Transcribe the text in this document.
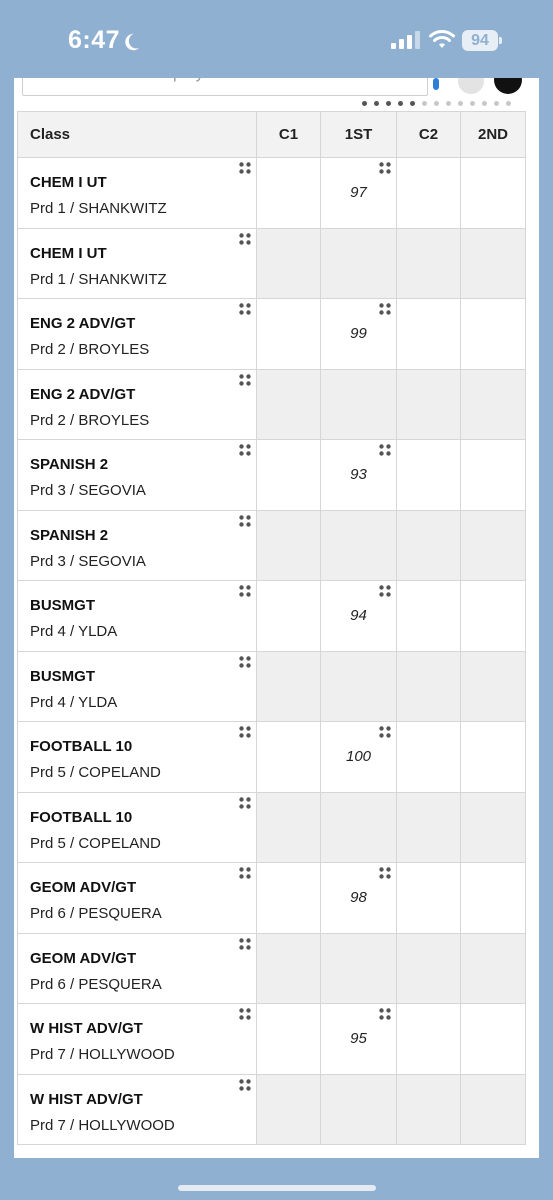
6:47	94
Class	C1	1ST	C2	2ND

CHEM I UT
Prd 1 / SHANKWITZ		97		

CHEM I UT
Prd 1 / SHANKWITZ				

ENG 2 ADV/GT
Prd 2 / BROYLES		99		

ENG 2 ADV/GT
Prd 2 / BROYLES				

SPANISH 2
Prd 3 / SEGOVIA		93		

SPANISH 2
Prd 3 / SEGOVIA				

BUSMGT
Prd 4 / YLDA		94		

BUSMGT
Prd 4 / YLDA				

FOOTBALL 10
Prd 5 / COPELAND		100		

FOOTBALL 10
Prd 5 / COPELAND				

GEOM ADV/GT
Prd 6 / PESQUERA		98		

GEOM ADV/GT
Prd 6 / PESQUERA				

W HIST ADV/GT
Prd 7 / HOLLYWOOD		95		

W HIST ADV/GT
Prd 7 / HOLLYWOOD				
